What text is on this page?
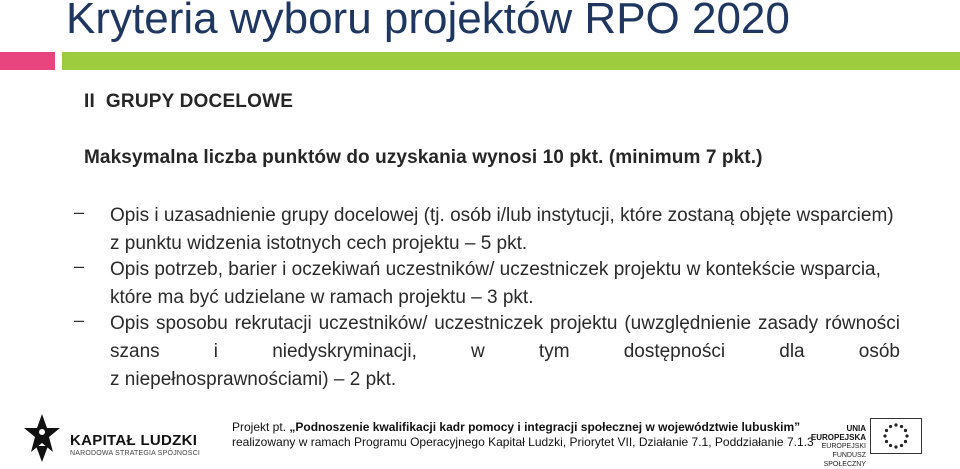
Kryteria wyboru projektów RPO 2020
II  GRUPY DOCELOWE
Maksymalna liczba punktów do uzyskania wynosi 10 pkt. (minimum 7 pkt.)
– Opis i uzasadnienie grupy docelowej (tj. osób i/lub instytucji, które zostaną objęte wsparciem) z punktu widzenia istotnych cech projektu – 5 pkt.
– Opis potrzeb, barier i oczekiwań uczestników/ uczestniczek projektu w kontekście wsparcia, które ma być udzielane w ramach projektu – 3 pkt.
– Opis sposobu rekrutacji uczestników/ uczestniczek projektu (uwzględnienie zasady równości szans i niedyskryminacji, w tym dostępności dla osób
z niepełnosprawnościami) – 2 pkt.
KAPITAŁ LUDZKI
NARODOWA STRATEGIA SPÓJNOŚCI
Projekt pt. „Podnoszenie kwalifikacji kadr pomocy i integracji społecznej w województwie lubuskim”
realizowany w ramach Programu Operacyjnego Kapitał Ludzki, Priorytet VII, Działanie 7.1, Poddziałanie 7.1.3
UNIA EUROPEJSKA
EUROPEJSKI
FUNDUSZ SPOŁECZNY
